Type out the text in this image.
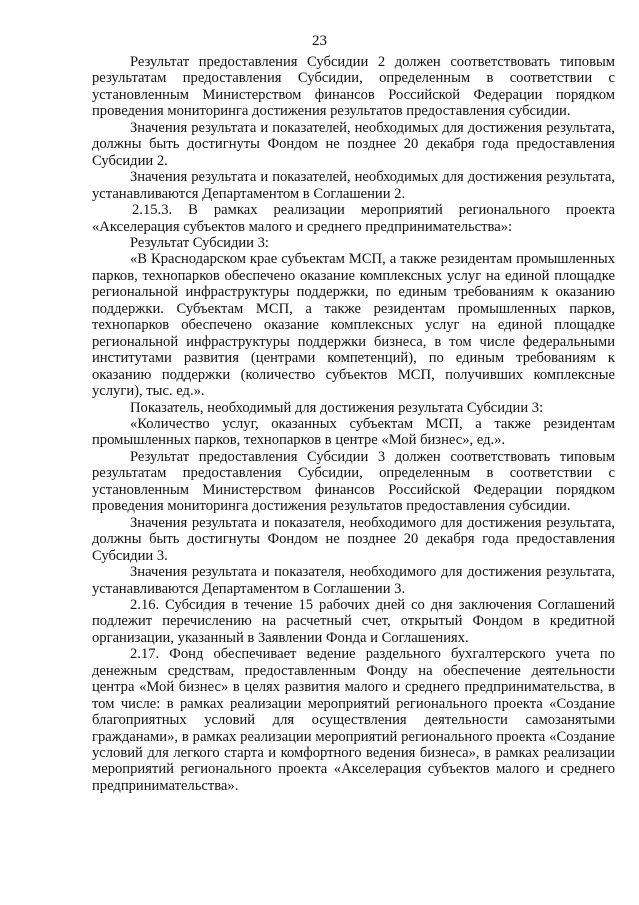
23

Результат предоставления Субсидии 2 должен соответствовать типовым результатам предоставления Субсидии, определенным в соответствии с установленным Министерством финансов Российской Федерации порядком проведения мониторинга достижения результатов предоставления субсидии.

Значения результата и показателей, необходимых для достижения результата, должны быть достигнуты Фондом не позднее 20 декабря года предоставления Субсидии 2.

Значения результата и показателей, необходимых для достижения результата, устанавливаются Департаментом в Соглашении 2.

2.15.3. В рамках реализации мероприятий регионального проекта «Акселерация субъектов малого и среднего предпринимательства»:

Результат Субсидии 3:

«В Краснодарском крае субъектам МСП, а также резидентам промышленных парков, технопарков обеспечено оказание комплексных услуг на единой площадке региональной инфраструктуры поддержки, по единым требованиям к оказанию поддержки. Субъектам МСП, а также резидентам промышленных парков, технопарков обеспечено оказание комплексных услуг на единой площадке региональной инфраструктуры поддержки бизнеса, в том числе федеральными институтами развития (центрами компетенций), по единым требованиям к оказанию поддержки (количество субъектов МСП, получивших комплексные услуги), тыс. ед.».

Показатель, необходимый для достижения результата Субсидии 3:

«Количество услуг, оказанных субъектам МСП, а также резидентам промышленных парков, технопарков в центре «Мой бизнес», ед.».

Результат предоставления Субсидии 3 должен соответствовать типовым результатам предоставления Субсидии, определенным в соответствии с установленным Министерством финансов Российской Федерации порядком проведения мониторинга достижения результатов предоставления субсидии.

Значения результата и показателя, необходимого для достижения результата, должны быть достигнуты Фондом не позднее 20 декабря года предоставления Субсидии 3.

Значения результата и показателя, необходимого для достижения результата, устанавливаются Департаментом в Соглашении 3.

2.16. Субсидия в течение 15 рабочих дней со дня заключения Соглашений подлежит перечислению на расчетный счет, открытый Фондом в кредитной организации, указанный в Заявлении Фонда и Соглашениях.

2.17. Фонд обеспечивает ведение раздельного бухгалтерского учета по денежным средствам, предоставленным Фонду на обеспечение деятельности центра «Мой бизнес» в целях развития малого и среднего предпринимательства, в том числе: в рамках реализации мероприятий регионального проекта «Создание благоприятных условий для осуществления деятельности самозанятыми гражданами», в рамках реализации мероприятий регионального проекта «Создание условий для легкого старта и комфортного ведения бизнеса», в рамках реализации мероприятий регионального проекта «Акселерация субъектов малого и среднего предпринимательства».
